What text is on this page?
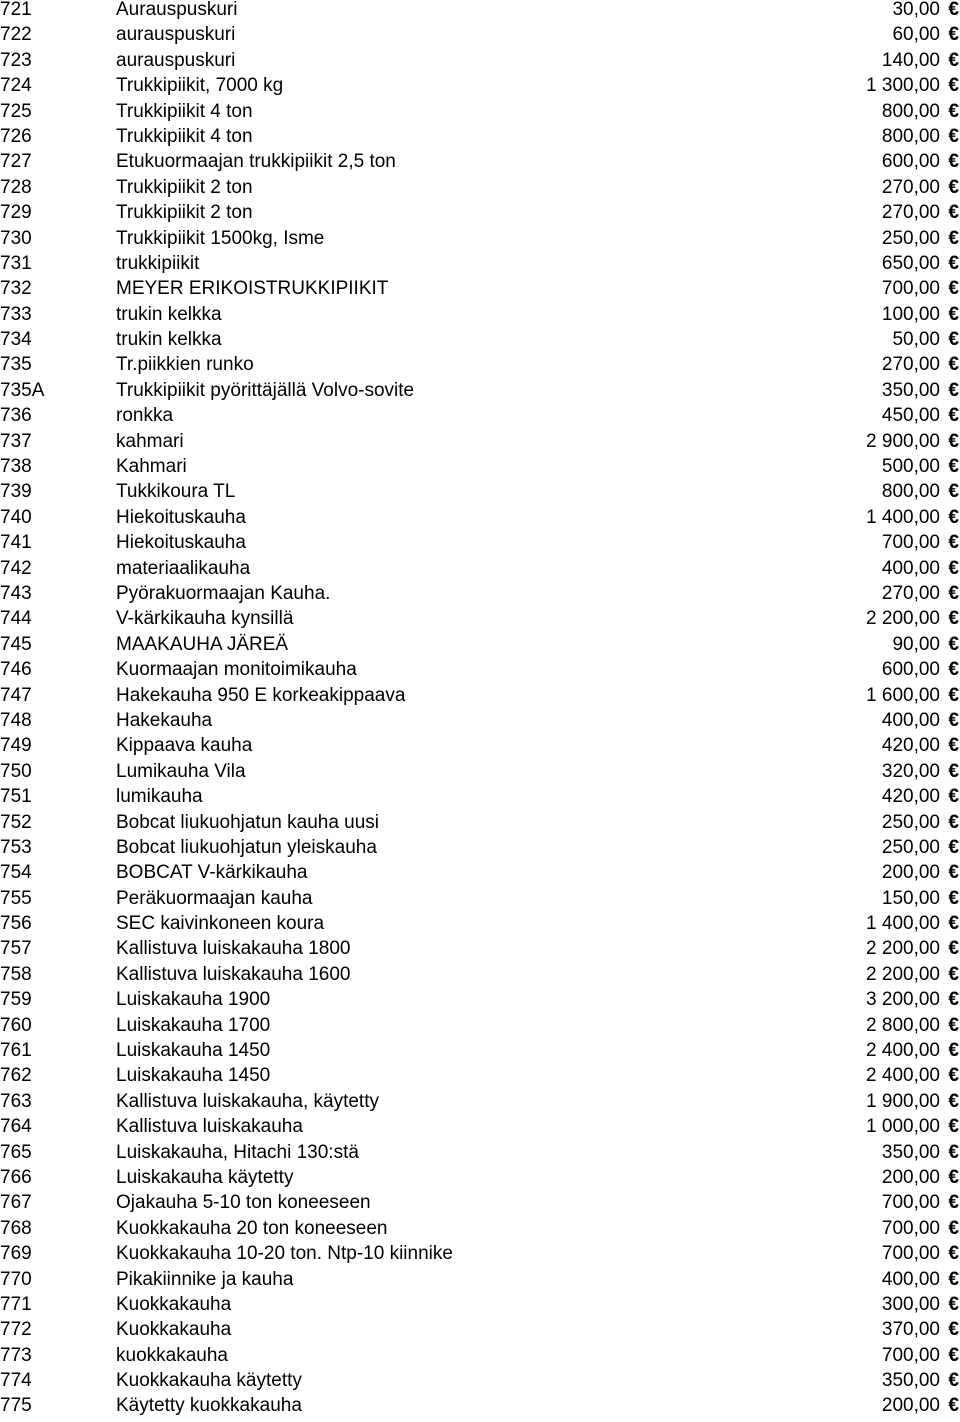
721	Aurauspuskuri	30,00 €
722	aurauspuskuri	60,00 €
723	aurauspuskuri	140,00 €
724	Trukkipiikit, 7000 kg	1 300,00 €
725	Trukkipiikit 4 ton	800,00 €
726	Trukkipiikit 4 ton	800,00 €
727	Etukuormaajan trukkipiikit 2,5 ton	600,00 €
728	Trukkipiikit 2 ton	270,00 €
729	Trukkipiikit 2 ton	270,00 €
730	Trukkipiikit 1500kg, Isme	250,00 €
731	trukkipiikit	650,00 €
732	MEYER ERIKOISTRUKKIPIIKIT	700,00 €
733	trukin kelkka	100,00 €
734	trukin kelkka	50,00 €
735	Tr.piikkien runko	270,00 €
735A	Trukkipiikit pyörittäjällä Volvo-sovite	350,00 €
736	ronkka	450,00 €
737	kahmari	2 900,00 €
738	Kahmari	500,00 €
739	Tukkikoura TL	800,00 €
740	Hiekoituskauha	1 400,00 €
741	Hiekoituskauha	700,00 €
742	materiaalikauha	400,00 €
743	Pyörakuormaajan Kauha.	270,00 €
744	V-kärkikauha kynsillä	2 200,00 €
745	MAAKAUHA JÄREÄ	90,00 €
746	Kuormaajan monitoimikauha	600,00 €
747	Hakekauha 950 E korkeakippaava	1 600,00 €
748	Hakekauha	400,00 €
749	Kippaava kauha	420,00 €
750	Lumikauha Vila	320,00 €
751	lumikauha	420,00 €
752	Bobcat liukuohjatun kauha uusi	250,00 €
753	Bobcat liukuohjatun yleiskauha	250,00 €
754	BOBCAT V-kärkikauha	200,00 €
755	Peräkuormaajan kauha	150,00 €
756	SEC kaivinkoneen koura	1 400,00 €
757	Kallistuva luiskakauha 1800	2 200,00 €
758	Kallistuva luiskakauha 1600	2 200,00 €
759	Luiskakauha 1900	3 200,00 €
760	Luiskakauha 1700	2 800,00 €
761	Luiskakauha 1450	2 400,00 €
762	Luiskakauha 1450	2 400,00 €
763	Kallistuva luiskakauha, käytetty	1 900,00 €
764	Kallistuva luiskakauha	1 000,00 €
765	Luiskakauha, Hitachi 130:stä	350,00 €
766	Luiskakauha käytetty	200,00 €
767	Ojakauha 5-10 ton koneeseen	700,00 €
768	Kuokkakauha 20 ton koneeseen	700,00 €
769	Kuokkakauha 10-20 ton. Ntp-10 kiinnike	700,00 €
770	Pikakiinnike ja kauha	400,00 €
771	Kuokkakauha	300,00 €
772	Kuokkakauha	370,00 €
773	kuokkakauha	700,00 €
774	Kuokkakauha käytetty	350,00 €
775	Käytetty kuokkakauha	200,00 €
